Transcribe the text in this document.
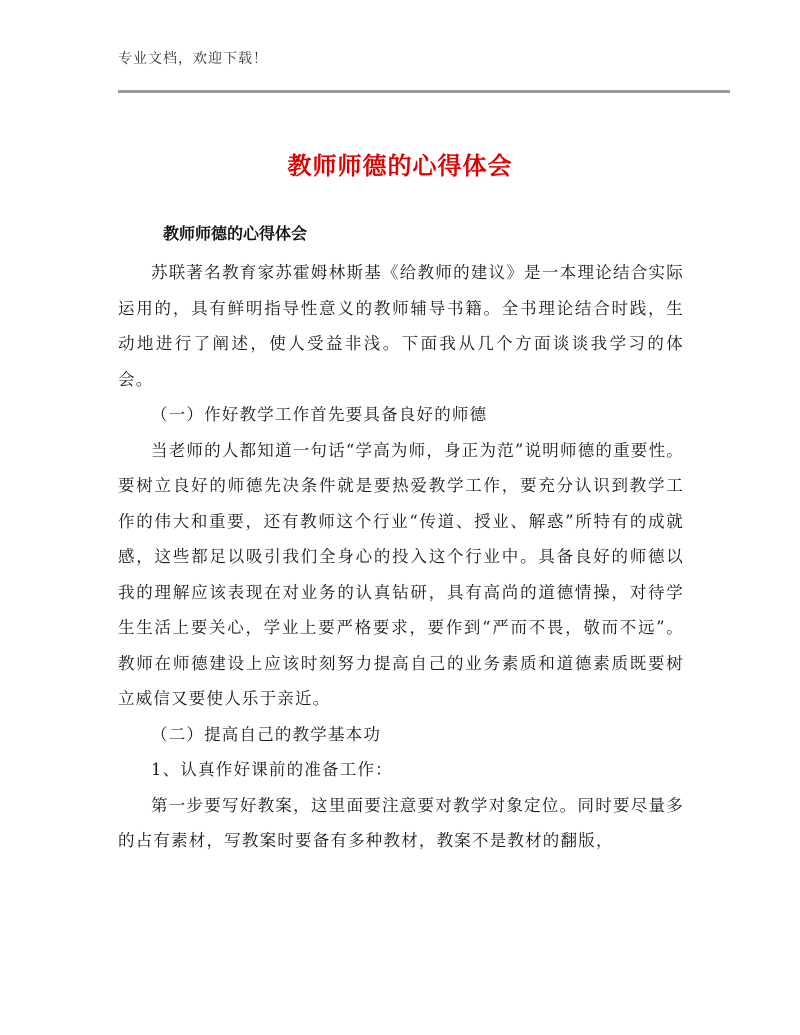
专业文档，欢迎下载！
教师师德的心得体会
教师师德的心得体会

苏联著名教育家苏霍姆林斯基《给教师的建议》是一本理论结合实际运用的，具有鲜明指导性意义的教师辅导书籍。全书理论结合时践，生动地进行了阐述，使人受益非浅。下面我从几个方面谈谈我学习的体会。

（一）作好教学工作首先要具备良好的师德

当老师的人都知道一句话“学高为师，身正为范”说明师德的重要性。要树立良好的师德先决条件就是要热爱教学工作，要充分认识到教学工作的伟大和重要，还有教师这个行业“传道、授业、解惑”所特有的成就感，这些都足以吸引我们全身心的投入这个行业中。具备良好的师德以我的理解应该表现在对业务的认真钻研，具有高尚的道德情操，对待学生生活上要关心，学业上要严格要求，要作到“严而不畏，敬而不远”。教师在师德建设上应该时刻努力提高自己的业务素质和道德素质既要树立威信又要使人乐于亲近。

（二）提高自己的教学基本功

1、认真作好课前的准备工作：

第一步要写好教案，这里面要注意要对教学对象定位。同时要尽量多的占有素材，写教案时要备有多种教材，教案不是教材的翻版，
